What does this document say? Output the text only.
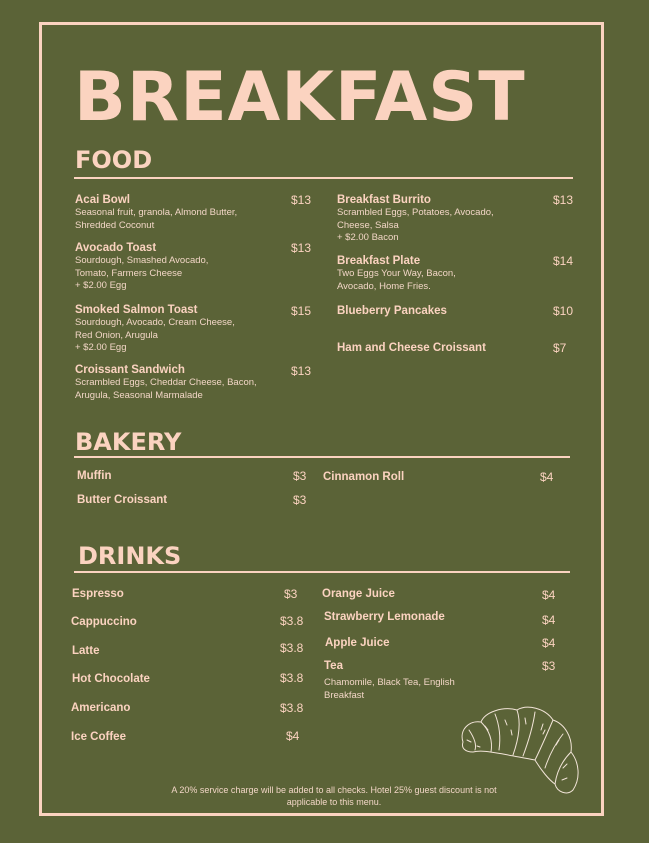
BREAKFAST
FOOD
Acai Bowl
Seasonal fruit, granola, Almond Butter, Shredded Coconut
$13
Avocado Toast
Sourdough, Smashed Avocado, Tomato, Farmers Cheese
+ $2.00 Egg
$13
Smoked Salmon Toast
Sourdough, Avocado, Cream Cheese, Red Onion, Arugula
+ $2.00 Egg
$15
Croissant Sandwich
Scrambled Eggs, Cheddar Cheese, Bacon, Arugula, Seasonal Marmalade
$13
Breakfast Burrito
Scrambled Eggs, Potatoes, Avocado, Cheese, Salsa
+ $2.00 Bacon
$13
Breakfast Plate
Two Eggs Your Way, Bacon, Avocado, Home Fries.
$14
Blueberry Pancakes	$10
Ham and Cheese Croissant	$7
BAKERY
Muffin	$3
Butter Croissant	$3
Cinnamon Roll	$4
DRINKS
Espresso	$3
Cappuccino	$3.8
Latte	$3.8
Hot Chocolate	$3.8
Americano	$3.8
Ice Coffee	$4
Orange Juice	$4
Strawberry Lemonade	$4
Apple Juice	$4
Tea
Chamomile, Black Tea, English Breakfast
$3
A 20% service charge will be added to all checks. Hotel 25% guest discount is not applicable to this menu.
